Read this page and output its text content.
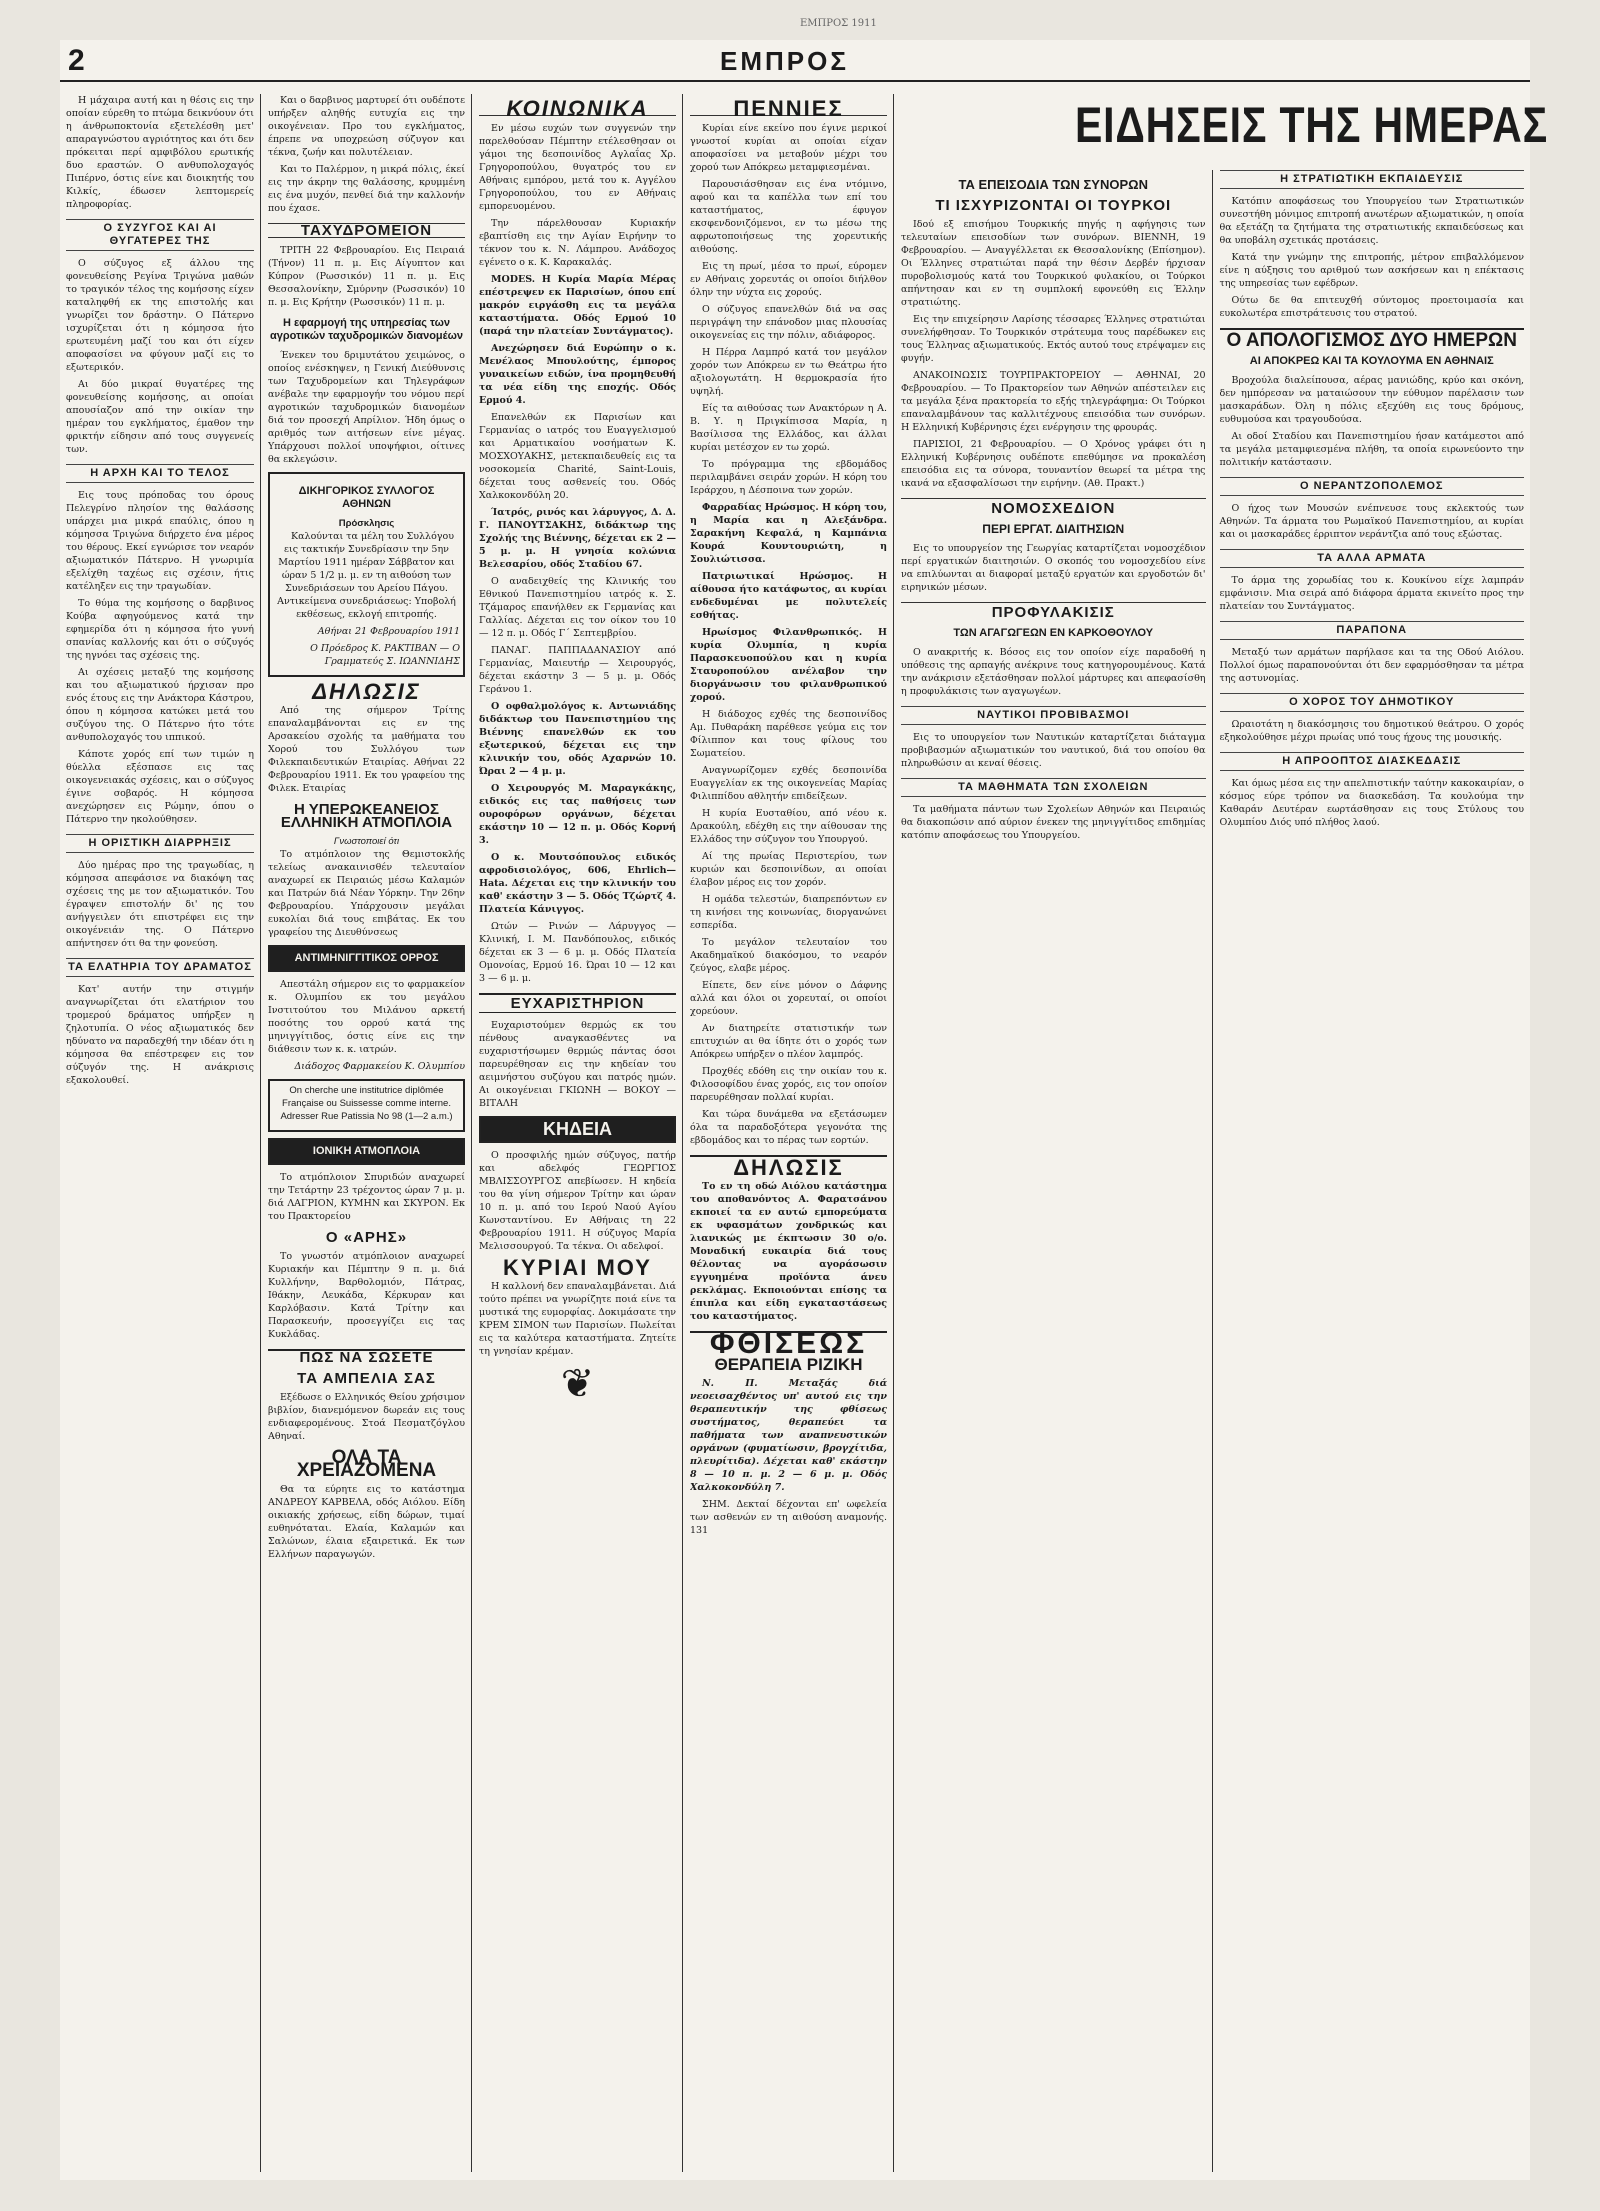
2
ΕΜΠΡΟΣ 1911
ΕΜΠΡΟΣ

Η μάχαιρα αυτή και η θέσις εις την οποίαν εύρεθη το πτώμα δεικνύουν ότι η άνθρωποκτονία εξετελέσθη μετ' απαραγνώστου αγριότητος και ότι δεν πρόκειται περί αμφιβόλου ερωτικής δυο εραστών. Ο ανθυπολοχαγός Πιπέρνο, όστις είνε και διοικητής του Κιλκίς, έδωσεν λεπτομερείς πληροφορίας.

Ο ΣΥΖΥΓΟΣ ΚΑΙ ΑΙ ΘΥΓΑΤΕΡΕΣ ΤΗΣ

Ο σύζυγος εξ άλλου της φονευθείσης Ρεγίνα Τριγώνα μαθών το τραγικόν τέλος της κομήσσης είχεν καταληφθή εκ της επιστολής και γνωρίζει τον δράστην. Ο Πάτερνο ισχυρίζεται ότι η κόμησσα ήτο ερωτευμένη μαζί του και ότι είχεν αποφασίσει να φύγουν μαζί εις το εξωτερικόν.

Αι δύο μικραί θυγατέρες της φονευθείσης κομήσσης, αι οποίαι απουσίαζον από την οικίαν την ημέραν του εγκλήματος, έμαθον την φρικτήν είδησιν από τους συγγενείς των.

Η ΑΡΧΗ ΚΑΙ ΤΟ ΤΕΛΟΣ

Εις τους πρόποδας του όρους Πελεγρίνο πλησίον της θαλάσσης υπάρχει μια μικρά επαύλις, όπου η κόμησσα Τριγώνα διήρχετο ένα μέρος του θέρους. Εκεί εγνώρισε τον νεαρόν αξιωματικόν Πάτερνο. Η γνωριμία εξελίχθη ταχέως εις σχέσιν, ήτις κατέληξεν εις την τραγωδίαν.

Το θύμα της κομήσσης ο δαρβινος Κούβα αφηγούμενος κατά την εφημερίδα ότι η κόμησσα ήτο γυνή σπανίας καλλονής και ότι ο σύζυγός της ηγνόει τας σχέσεις της.

Αι σχέσεις μεταξύ της κομήσσης και του αξιωματικού ήρχισαν προ ενός έτους εις την Ανάκτορα Κάστρου, όπου η κόμησσα κατώκει μετά του συζύγου της. Ο Πάτερνο ήτο τότε ανθυπολοχαγός του ιππικού.

Κάποτε χορός επί των τιμών η θύελλα εξέσπασε εις τας οικογενειακάς σχέσεις, και ο σύζυγος έγινε σοβαρός. Η κόμησσα ανεχώρησεν εις Ρώμην, όπου ο Πάτερνο την ηκολούθησεν.

Η ΟΡΙΣΤΙΚΗ ΔΙΑΡΡΗΞΙΣ

Δύο ημέρας προ της τραγωδίας, η κόμησσα απεφάσισε να διακόψη τας σχέσεις της με τον αξιωματικόν. Του έγραψεν επιστολήν δι' ης του ανήγγειλεν ότι επιστρέφει εις την οικογένειάν της. Ο Πάτερνο απήντησεν ότι θα την φονεύση.

ΤΑ ΕΛΑΤΗΡΙΑ ΤΟΥ ΔΡΑΜΑΤΟΣ

Κατ' αυτήν την στιγμήν αναγνωρίζεται ότι ελατήριον του τρομερού δράματος υπήρξεν η ζηλοτυπία. Ο νέος αξιωματικός δεν ηδύνατο να παραδεχθή την ιδέαν ότι η κόμησσα θα επέστρεφεν εις τον σύζυγόν της. Η ανάκρισις εξακολουθεί.

Και ο δαρβινος μαρτυρεί ότι ουδέποτε υπήρξεν αληθής ευτυχία εις την οικογένειαν. Προ του εγκλήματος, έπρεπε να υποχρεώση σύζυγον και τέκνα, ζωήν και πολυτέλειαν.

Και το Παλέρμον, η μικρά πόλις, έκεί εις την άκρην της θαλάσσης, κρυμμένη εις ένα μυχόν, πενθεί διά την καλλονήν που έχασε.

ΤΑΧΥΔΡΟΜΕΙΟΝ

ΤΡΙΤΗ 22 Φεβρουαρίου. Εις Πειραιά (Τήνον) 11 π. μ. Εις Αίγυπτον και Κύπρον (Ρωσσικόν) 11 π. μ. Εις Θεσσαλονίκην, Σμύρνην (Ρωσσικόν) 10 π. μ. Εις Κρήτην (Ρωσσικόν) 11 π. μ.

Η εφαρμογή της υπηρεσίας των αγροτικών ταχυδρομικών διανομέων

Ένεκεν του δριμυτάτου χειμώνος, ο οποίος ενέσκηψεν, η Γενική Διεύθυνσις των Ταχυδρομείων και Τηλεγράφων ανέβαλε την εφαρμογήν του νόμου περί αγροτικών ταχυδρομικών διανομέων διά τον προσεχή Απρίλιον. Ήδη όμως ο αριθμός των αιτήσεων είνε μέγας. Υπάρχουσι πολλοί υποψήφιοι, οίτινες θα εκλεγώσιν.

ΔΙΚΗΓΟΡΙΚΟΣ ΣΥΛΛΟΓΟΣ ΑΘΗΝΩΝ
Πρόσκλησις

Καλούνται τα μέλη του Συλλόγου εις τακτικήν Συνεδρίασιν την 5ην Μαρτίου 1911 ημέραν Σάββατον και ώραν 5 1/2 μ. μ. εν τη αιθούση των Συνεδριάσεων του Αρείου Πάγου. Αντικείμενα συνεδριάσεως: Υποβολή εκθέσεως, εκλογή επιτροπής.

Αθήναι 21 Φεβρουαρίου 1911

Ο Πρόεδρος Κ. ΡΑΚΤΙΒΑΝ — Ο Γραμματεύς Σ. ΙΩΑΝΝΙΔΗΣ

ΔΗΛΩΣΙΣ

Από της σήμερον Τρίτης επαναλαμβάνονται εις εν της Αρσακείου σχολής τα μαθήματα του Χορού του Συλλόγου των Φιλεκπαιδευτικών Εταιρίας. Αθήναι 22 Φεβρουαρίου 1911. Εκ του γραφείου της Φιλεκ. Εταιρίας

Η ΥΠΕΡΩΚΕΑΝΕΙΟΣ ΕΛΛΗΝΙΚΗ ΑΤΜΟΠΛΟΙΑ
Γνωστοποιεί ότι

Το ατμόπλοιον της Θεμιστοκλής τελείως ανακαινισθέν τελευταίον αναχωρεί εκ Πειραιώς μέσω Καλαμών και Πατρών διά Νέαν Υόρκην. Την 26ην Φεβρουαρίου. Υπάρχουσιν μεγάλαι ευκολίαι διά τους επιβάτας. Εκ του γραφείου της Διευθύνσεως

ΑΝΤΙΜΗΝΙΓΓΙΤΙΚΟΣ ΟΡΡΟΣ

Απεστάλη σήμερον εις το φαρμακείον κ. Ολυμπίου εκ του μεγάλου Ινστιτούτου του Μιλάνου αρκετή ποσότης του ορρού κατά της μηνιγγίτιδος, όστις είνε εις την διάθεσιν των κ. κ. ιατρών.

Διάδοχος Φαρμακείου Κ. Ολυμπίου

On cherche une institutrice diplômée Française ou Suissesse comme interne. Adresser Rue Patissia No 98 (1—2 a.m.)

ΙΟΝΙΚΗ ΑΤΜΟΠΛΟΙΑ

Το ατμόπλοιον Σπυριδών αναχωρεί την Τετάρτην 23 τρέχοντος ώραν 7 μ. μ. διά ΛΑΓΡΙΟΝ, ΚΥΜΗΝ και ΣΚΥΡΟΝ. Εκ του Πρακτορείου

Ο «ΑΡΗΣ»

Το γνωστόν ατμόπλοιον αναχωρεί Κυριακήν και Πέμπτην 9 π. μ. διά Κυλλήνην, Βαρθολομιόν, Πάτρας, Ιθάκην, Λευκάδα, Κέρκυραν και Καρλόβασιν. Κατά Τρίτην και Παρασκευήν, προσεγγίζει εις τας Κυκλάδας.

ΠΩΣ ΝΑ ΣΩΣΕΤΕ
ΤΑ ΑΜΠΕΛΙΑ ΣΑΣ

Εξέδωσε ο Ελληνικός Θείου χρήσιμον βιβλίον, διανεμόμενον δωρεάν εις τους ενδιαφερομένους. Στοά Πεσματζόγλου Αθηναί.

ΟΛΑ ΤΑ ΧΡΕΙΑΖΟΜΕΝΑ

Θα τα εύρητε εις το κατάστημα ΑΝΔΡΕΟΥ ΚΑΡΒΕΛΑ, οδός Αιόλου. Είδη οικιακής χρήσεως, είδη δώρων, τιμαί ευθηνόταται. Ελαία, Καλαμών και Σαλώνων, έλαια εξαιρετικά. Εκ των Ελλήνων παραγωγών.

ΚΟΙΝΩΝΙΚΑ

Εν μέσω ευχών των συγγενών την παρελθούσαν Πέμπτην ετέλεσθησαν οι γάμοι της δεσποινίδος Αγλαΐας Χρ. Γρηγοροπούλου, θυγατρός του εν Αθήναις εμπόρου, μετά του κ. Αγγέλου Γρηγοροπούλου, του εν Αθήναις εμπορευομένου.

Την πάρελθουσαν Κυριακήν εβαπτίσθη εις την Αγίαν Ειρήνην το τέκνον του κ. Ν. Λάμπρου. Ανάδοχος εγένετο ο κ. Κ. Καρακαλάς.

MODES. Η Κυρία Μαρία Μέρας επέστρεψεν εκ Παρισίων, όπου επί μακρόν ειργάσθη εις τα μεγάλα καταστήματα. Οδός Ερμού 10 (παρά την πλατείαν Συντάγματος).

Ανεχώρησεν διά Ευρώπην ο κ. Μενέλαος Μπουλούτης, έμπορος γυναικείων ειδών, ίνα προμηθευθή τα νέα είδη της εποχής. Οδός Ερμού 4.

Επανελθών εκ Παρισίων και Γερμανίας ο ιατρός του Ευαγγελισμού και Αρματικαίου νοσήματων Κ. ΜΟΣΧΟΥΑΚΗΣ, μετεκπαιδευθείς εις τα νοσοκομεία Charité, Saint-Louis, δέχεται τους ασθενείς του. Οδός Χαλκοκονδύλη 20.

Ίατρός, ρινός και λάρυγγος, Δ. Δ. Γ. ΠΑΝΟΥΤΣΑΚΗΣ, διδάκτωρ της Σχολής της Βιέννης, δέχεται εκ 2 — 5 μ. μ. Η γνησία κολώνια Βελεσαρίου, οδός Σταδίου 67.

Ο αναδειχθείς της Κλινικής του Εθνικού Πανεπιστημίου ιατρός κ. Σ. Τζάμαρος επανήλθεν εκ Γερμανίας και Γαλλίας. Δέχεται εις τον οίκον του 10 — 12 π. μ. Οδός Γ΄ Σεπτεμβρίου.

ΠΑΝΑΓ. ΠΑΠΠΑΔΑΝΑΣΙΟΥ από Γερμανίας, Μαιευτήρ — Χειρουργός, δέχεται εκάστην 3 — 5 μ. μ. Οδός Γεράνου 1.

Ο οφθαλμολόγος κ. Αντωνιάδης διδάκτωρ του Πανεπιστημίου της Βιέννης επανελθών εκ του εξωτερικού, δέχεται εις την κλινικήν του, οδός Αχαρνών 10. Ώραι 2 — 4 μ. μ.

Ο Χειρουργός Μ. Μαραγκάκης, ειδικός εις τας παθήσεις των ουροφόρων οργάνων, δέχεται εκάστην 10 — 12 π. μ. Οδός Κορνή 3.

Ο κ. Μουτσόπουλος ειδικός αφροδισιολόγος, 606, Ehrlich—Hata. Δέχεται εις την κλινικήν του καθ' εκάστην 3 — 5. Οδός Τζώρτζ 4. Πλατεία Κάνιγγος.

Ωτών — Ρινών — Λάρυγγος — Κλινική, Ι. Μ. Πανδόπουλος, ειδικός δέχεται εκ 3 — 6 μ. μ. Οδός Πλατεία Ομονοίας, Ερμού 16. Ώραι 10 — 12 και 3 — 6 μ. μ.

ΕΥΧΑΡΙΣΤΗΡΙΟΝ

Ευχαριστούμεν θερμώς εκ του πένθους αναγκασθέντες να ευχαριστήσωμεν θερμώς πάντας όσοι παρευρέθησαν εις την κηδείαν του αειμνήστου συζύγου και πατρός ημών. Αι οικογένειαι ΓΚΙΩΝΗ — ΒΟΚΟΥ — ΒΙΤΑΛΗ

ΚΗΔΕΙΑ

Ο προσφιλής ημών σύζυγος, πατήρ και αδελφός ΓΕΩΡΓΙΟΣ ΜΒΛΙΣΣΟΥΡΓΟΣ απεβίωσεν. Η κηδεία του θα γίνη σήμερον Τρίτην και ώραν 10 π. μ. από του Ιερού Ναού Αγίου Κωνσταντίνου. Εν Αθήναις τη 22 Φεβρουαρίου 1911. Η σύζυγος Μαρία Μελισσουργού. Τα τέκνα. Οι αδελφοί.

ΚΥΡΙΑΙ ΜΟΥ

Η καλλονή δεν επαναλαμβάνεται. Διά τούτο πρέπει να γνωρίζητε ποιά είνε τα μυστικά της ευμορφίας. Δοκιμάσατε την ΚΡΕΜ ΣΙΜΟΝ των Παρισίων. Πωλείται εις τα καλύτερα καταστήματα. Ζητείτε τη γνησίαν κρέμαν.

❦
ΠΕΝΝΙΕΣ

Κυρίαι είνε εκείνο που έγινε μερικοί γνωστοί κυρίαι αι οποίαι είχαν αποφασίσει να μεταβούν μέχρι του χορού των Απόκρεω μεταμφιεσμέναι.

Παρουσιάσθησαν εις ένα ντόμινο, αφού και τα καπέλλα των επί του καταστήματος, έφυγον εκσφενδονιζόμενοι, εν τω μέσω της αφρωτοποιήσεως της χορευτικής αιθούσης.

Εις τη πρωί, μέσα το πρωί, εύρομεν εν Αθήναις χορευτάς οι οποίοι διήλθον όλην την νύχτα εις χορούς.

Ο σύζυγος επανελθών διά να σας περιγράψη την επάνοδον μιας πλουσίας οικογενείας εις την πόλιν, αδιάφορος.

Η Πέρρα Λαμπρό κατά τον μεγάλον χορόν των Απόκρεω εν τω Θεάτρω ήτο αξιολογωτάτη. Η θερμοκρασία ήτο υψηλή.

Είς τα αιθούσας των Ανακτόρων η Α. Β. Υ. η Πριγκίπισσα Μαρία, η Βασίλισσα της Ελλάδος, και άλλαι κυρίαι μετέσχον εν τω χορώ.

Το πρόγραμμα της εβδομάδος περιλαμβάνει σειράν χορών. Η κόρη του Ιεράρχου, η Δέσποινα των χορών.

Φαρραδίας Ηρώσμος. Η κόρη του, η Μαρία και η Αλεξάνδρα. Σαρακήνη Κεφαλά, η Καμπάνια Κουρά Κουντουριώτη, η Σουλιώτισσα.

Πατριωτικαί Ηρώσμος. Η αίθουσα ήτο κατάφωτος, αι κυρίαι ενδεδυμέναι με πολυτελείς εσθήτας.

Ηρωίσμος Φιλανθρωπικός. Η κυρία Ολυμπία, η κυρία Παρασκευοπούλου και η κυρία Σταυροπούλου ανέλαβον την διοργάνωσιν του φιλανθρωπικού χορού.

Η διάδοχος εχθές της δεσποινίδος Αμ. Πυθαράκη παρέθεσε γεύμα εις τον Φίλιππον και τους φίλους του Σωματείου.

Αναγνωρίζομεν εχθές δεσποινίδα Ευαγγελίαν εκ της οικογενείας Μαρίας Φιλιππίδου αθλητήν επιδείξεων.

Η κυρία Ευσταθίου, από νέου κ. Δρακούλη, εδέχθη εις την αίθουσαν της Ελλάδος την σύζυγον του Υπουργού.

Αί της πρωίας Περιστερίου, των κυριών και δεσποινίδων, αι οποίαι έλαβον μέρος εις τον χορόν.

Η ομάδα τελεστών, διαπρεπόντων εν τη κινήσει της κοινωνίας, διοργανώνει εσπερίδα.

Το μεγάλον τελευταίον του Ακαδημαϊκού διακόσμου, το νεαρόν ζεύγος, ελαβε μέρος.

Είπετε, δεν είνε μόνον ο Δάφνης αλλά και όλοι οι χορευταί, οι οποίοι χορεύουν.

Αν διατηρείτε στατιστικήν των επιτυχιών αι θα ίδητε ότι ο χορός των Απόκρεω υπήρξεν ο πλέον λαμπρός.

Προχθές εδόθη εις την οικίαν του κ. Φιλοσοφίδου ένας χορός, εις τον οποίον παρευρέθησαν πολλαί κυρίαι.

Και τώρα δυνάμεθα να εξετάσωμεν όλα τα παραδοξότερα γεγονότα της εβδομάδος και το πέρας των εορτών.

ΔΗΛΩΣΙΣ

Το εν τη οδώ Αιόλου κατάστημα του αποθανόντος Α. Φαρατσάνου εκποιεί τα εν αυτώ εμπορεύματα εκ υφασμάτων χονδρικώς και λιανικώς με έκπτωσιν 30 ο/ο. Μοναδική ευκαιρία διά τους θέλοντας να αγοράσωσιν εγγυημένα προϊόντα άνευ ρεκλάμας. Εκποιούνται επίσης τα έπιπλα και είδη εγκαταστάσεως του καταστήματος.

ΦΘΙΣΕΩΣ
ΘΕΡΑΠΕΙΑ ΡΙΖΙΚΗ

Ν. Π. Μεταξάς διά νεοεισαχθέντος υπ' αυτού εις την θεραπευτικήν της φθίσεως συστήματος, θεραπεύει τα παθήματα των αναπνευστικών οργάνων (φυματίωσιν, βρογχίτιδα, πλευρίτιδα). Δέχεται καθ' εκάστην 8 — 10 π. μ. 2 — 6 μ. μ. Οδός Χαλκοκονδύλη 7.

ΣΗΜ. Δεκταί δέχονται επ' ωφελεία των ασθενών εν τη αιθούση αναμονής. 131

ΕΙΔΗΣΕΙΣ ΤΗΣ ΗΜΕΡΑΣ
ΤΑ ΕΠΕΙΣΟΔΙΑ ΤΩΝ ΣΥΝΟΡΩΝ
ΤΙ ΙΣΧΥΡΙΖΟΝΤΑΙ ΟΙ ΤΟΥΡΚΟΙ

Ιδού εξ επισήμου Τουρκικής πηγής η αφήγησις των τελευταίων επεισοδίων των συνόρων. ΒΙΕΝΝΗ, 19 Φεβρουαρίου. — Αναγγέλλεται εκ Θεσσαλονίκης (Επίσημον). Οι Έλληνες στρατιώται παρά την θέσιν Δερβέν ήρχισαν πυροβολισμούς κατά του Τουρκικού φυλακίου, οι Τούρκοι απήντησαν και εν τη συμπλοκή εφονεύθη εις Έλλην στρατιώτης.

Εις την επιχείρησιν Λαρίσης τέσσαρες Έλληνες στρατιώται συνελήφθησαν. Το Τουρκικόν στράτευμα τους παρέδωκεν εις τους Έλληνας αξιωματικούς. Εκτός αυτού τους ετρέψαμεν εις φυγήν.

ΑΝΑΚΟΙΝΩΣΙΣ ΤΟΥΡΠΡΑΚΤΟΡΕΙΟΥ — ΑΘΗΝΑΙ, 20 Φεβρουαρίου. — Το Πρακτορείον των Αθηνών απέστειλεν εις τα μεγάλα ξένα πρακτορεία το εξής τηλεγράφημα: Οι Τούρκοι επαναλαμβάνουν τας καλλιτέχνους επεισόδια των συνόρων. Η Ελληνική Κυβέρνησις έχει ενέργησιν της φρουράς.

ΠΑΡΙΣΙΟΙ, 21 Φεβρουαρίου. — Ο Χρόνος γράφει ότι η Ελληνική Κυβέρνησις ουδέποτε επεθύμησε να προκαλέση επεισόδια εις τα σύνορα, τουναντίον θεωρεί τα μέτρα της ικανά να εξασφαλίσωσι την ειρήνην. (Αθ. Πρακτ.)

ΝΟΜΟΣΧΕΔΙΟΝ
ΠΕΡΙ ΕΡΓΑΤ. ΔΙΑΙΤΗΣΙΩΝ

Εις το υπουργείον της Γεωργίας καταρτίζεται νομοσχέδιον περί εργατικών διαιτησιών. Ο σκοπός του νομοσχεδίου είνε να επιλύωνται αι διαφοραί μεταξύ εργατών και εργοδοτών δι' ειρηνικών μέσων.

ΠΡΟΦΥΛΑΚΙΣΙΣ
ΤΩΝ ΑΓΑΓΩΓΕΩΝ ΕΝ ΚΑΡΚΟΘΟΥΛΟΥ

Ο ανακριτής κ. Βόσος εις τον οποίον είχε παραδοθή η υπόθεσις της αρπαγής ανέκρινε τους κατηγορουμένους. Κατά την ανάκρισιν εξετάσθησαν πολλοί μάρτυρες και απεφασίσθη η προφυλάκισις των αγαγωγέων.

ΝΑΥΤΙΚΟΙ ΠΡΟΒΙΒΑΣΜΟΙ

Εις το υπουργείον των Ναυτικών καταρτίζεται διάταγμα προβιβασμών αξιωματικών του ναυτικού, διά του οποίου θα πληρωθώσιν αι κεναί θέσεις.

ΤΑ ΜΑΘΗΜΑΤΑ ΤΩΝ ΣΧΟΛΕΙΩΝ

Τα μαθήματα πάντων των Σχολείων Αθηνών και Πειραιώς θα διακοπώσιν από αύριον ένεκεν της μηνιγγίτιδος επιδημίας κατόπιν αποφάσεως του Υπουργείου.

Η ΣΤΡΑΤΙΩΤΙΚΗ ΕΚΠΑΙΔΕΥΣΙΣ

Κατόπιν αποφάσεως του Υπουργείου των Στρατιωτικών συνεστήθη μόνιμος επιτροπή ανωτέρων αξιωματικών, η οποία θα εξετάζη τα ζητήματα της στρατιωτικής εκπαιδεύσεως και θα υποβάλη σχετικάς προτάσεις.

Κατά την γνώμην της επιτροπής, μέτρον επιβαλλόμενον είνε η αύξησις του αριθμού των ασκήσεων και η επέκτασις της υπηρεσίας των εφέδρων.

Ούτω δε θα επιτευχθή σύντομος προετοιμασία και ευκολωτέρα επιστράτευσις του στρατού.

Ο ΑΠΟΛΟΓΙΣΜΟΣ ΔΥΟ ΗΜΕΡΩΝ
ΑΙ ΑΠΟΚΡΕΩ ΚΑΙ ΤΑ ΚΟΥΛΟΥΜΑ ΕΝ ΑΘΗΝΑΙΣ

Βροχούλα διαλείπουσα, αέρας μανιώδης, κρύο και σκόνη, δεν ημπόρεσαν να ματαιώσουν την εύθυμον παρέλασιν των μασκαράδων. Όλη η πόλις εξεχύθη εις τους δρόμους, ευθυμούσα και τραγουδούσα.

Αι οδοί Σταδίου και Πανεπιστημίου ήσαν κατάμεστοι από τα μεγάλα μεταμφιεσμένα πλήθη, τα οποία ειρωνεύοντο την πολιτικήν κατάστασιν.

Ο ΝΕΡΑΝΤΖΟΠΟΛΕΜΟΣ

Ο ήχος των Μουσών ενέπνευσε τους εκλεκτούς των Αθηνών. Τα άρματα του Ρωμαϊκού Πανεπιστημίου, αι κυρίαι και οι μασκαράδες έρριπτον νεράντζια από τους εξώστας.

ΤΑ ΑΛΛΑ ΑΡΜΑΤΑ

Το άρμα της χορωδίας του κ. Κουκίνου είχε λαμπράν εμφάνισιν. Μια σειρά από διάφορα άρματα εκινείτο προς την πλατείαν του Συντάγματος.

ΠΑΡΑΠΟΝΑ

Μεταξύ των αρμάτων παρήλασε και τα της Οδού Αιόλου. Πολλοί όμως παραπονούνται ότι δεν εφαρμόσθησαν τα μέτρα της αστυνομίας.

Ο ΧΟΡΟΣ ΤΟΥ ΔΗΜΟΤΙΚΟΥ

Ωραιοτάτη η διακόσμησις του δημοτικού θεάτρου. Ο χορός εξηκολούθησε μέχρι πρωίας υπό τους ήχους της μουσικής.

Η ΑΠΡΟΟΠΤΟΣ ΔΙΑΣΚΕΔΑΣΙΣ

Και όμως μέσα εις την απελπιστικήν ταύτην κακοκαιρίαν, ο κόσμος εύρε τρόπον να διασκεδάση. Τα κουλούμα την Καθαράν Δευτέραν εωρτάσθησαν εις τους Στύλους του Ολυμπίου Διός υπό πλήθος λαού.
